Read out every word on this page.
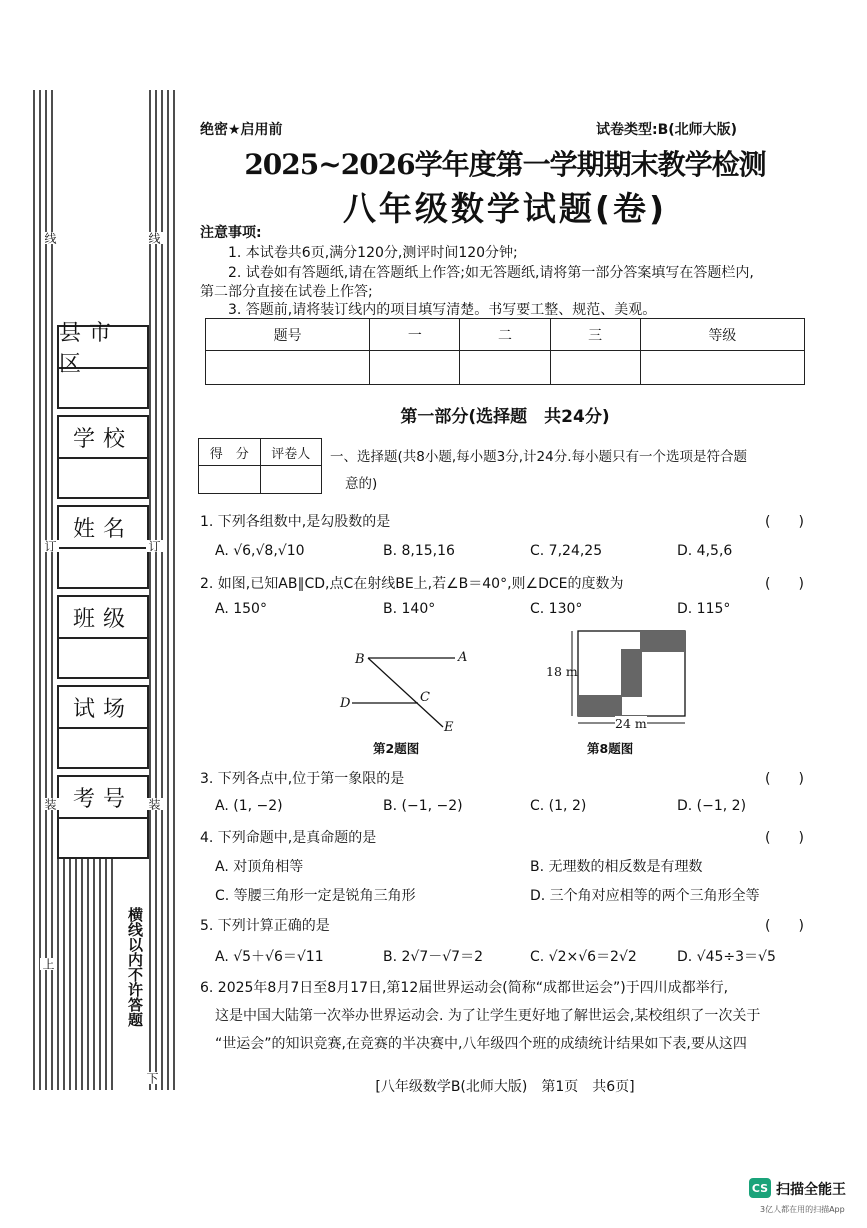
县市区
学校
姓名
班级
试场
考号
线	线
订	订
装	装
上
下
横线以内不许答题
绝密★启用前	试卷类型:B(北师大版)
2025~2026学年度第一学期期末教学检测
八年级数学试题(卷)
注意事项:
1. 本试卷共6页,满分120分,测评时间120分钟;
2. 试卷如有答题纸,请在答题纸上作答;如无答题纸,请将第一部分答案填写在答题栏内,
第二部分直接在试卷上作答;
3. 答题前,请将装订线内的项目填写清楚。书写要工整、规范、美观。
题号	一	二	三	等级

第一部分(选择题　共24分)
得　分	评卷人
	一、选择题(共8小题,每小题3分,计24分.每小题只有一个选项是符合题
意的)
1. 下列各组数中,是勾股数的是	(　　)
A. √6,√8,√10	B. 8,15,16	C. 7,24,25	D. 4,5,6
2. 如图,已知AB∥CD,点C在射线BE上,若∠B＝40°,则∠DCE的度数为	(　　)
A. 150°	B. 140°	C. 130°	D. 115°
B	A
D	C
E
第2题图
18 m
24 m
第8题图
3. 下列各点中,位于第一象限的是	(　　)
A. (1, −2)	B. (−1, −2)	C. (1, 2)	D. (−1, 2)
4. 下列命题中,是真命题的是	(　　)
A. 对顶角相等	B. 无理数的相反数是有理数
C. 等腰三角形一定是锐角三角形	D. 三个角对应相等的两个三角形全等
5. 下列计算正确的是	(　　)
A. √5＋√6＝√11	B. 2√7－√7＝2	C. √2×√6＝2√2	D. √45÷3＝√5
6. 2025年8月7日至8月17日,第12届世界运动会(简称“成都世运会”)于四川成都举行,
这是中国大陆第一次举办世界运动会. 为了让学生更好地了解世运会,某校组织了一次关于
“世运会”的知识竞赛,在竞赛的半决赛中,八年级四个班的成绩统计结果如下表,要从这四
[八年级数学B(北师大版)　第1页　共6页]
CS 扫描全能王
3亿人都在用的扫描App
